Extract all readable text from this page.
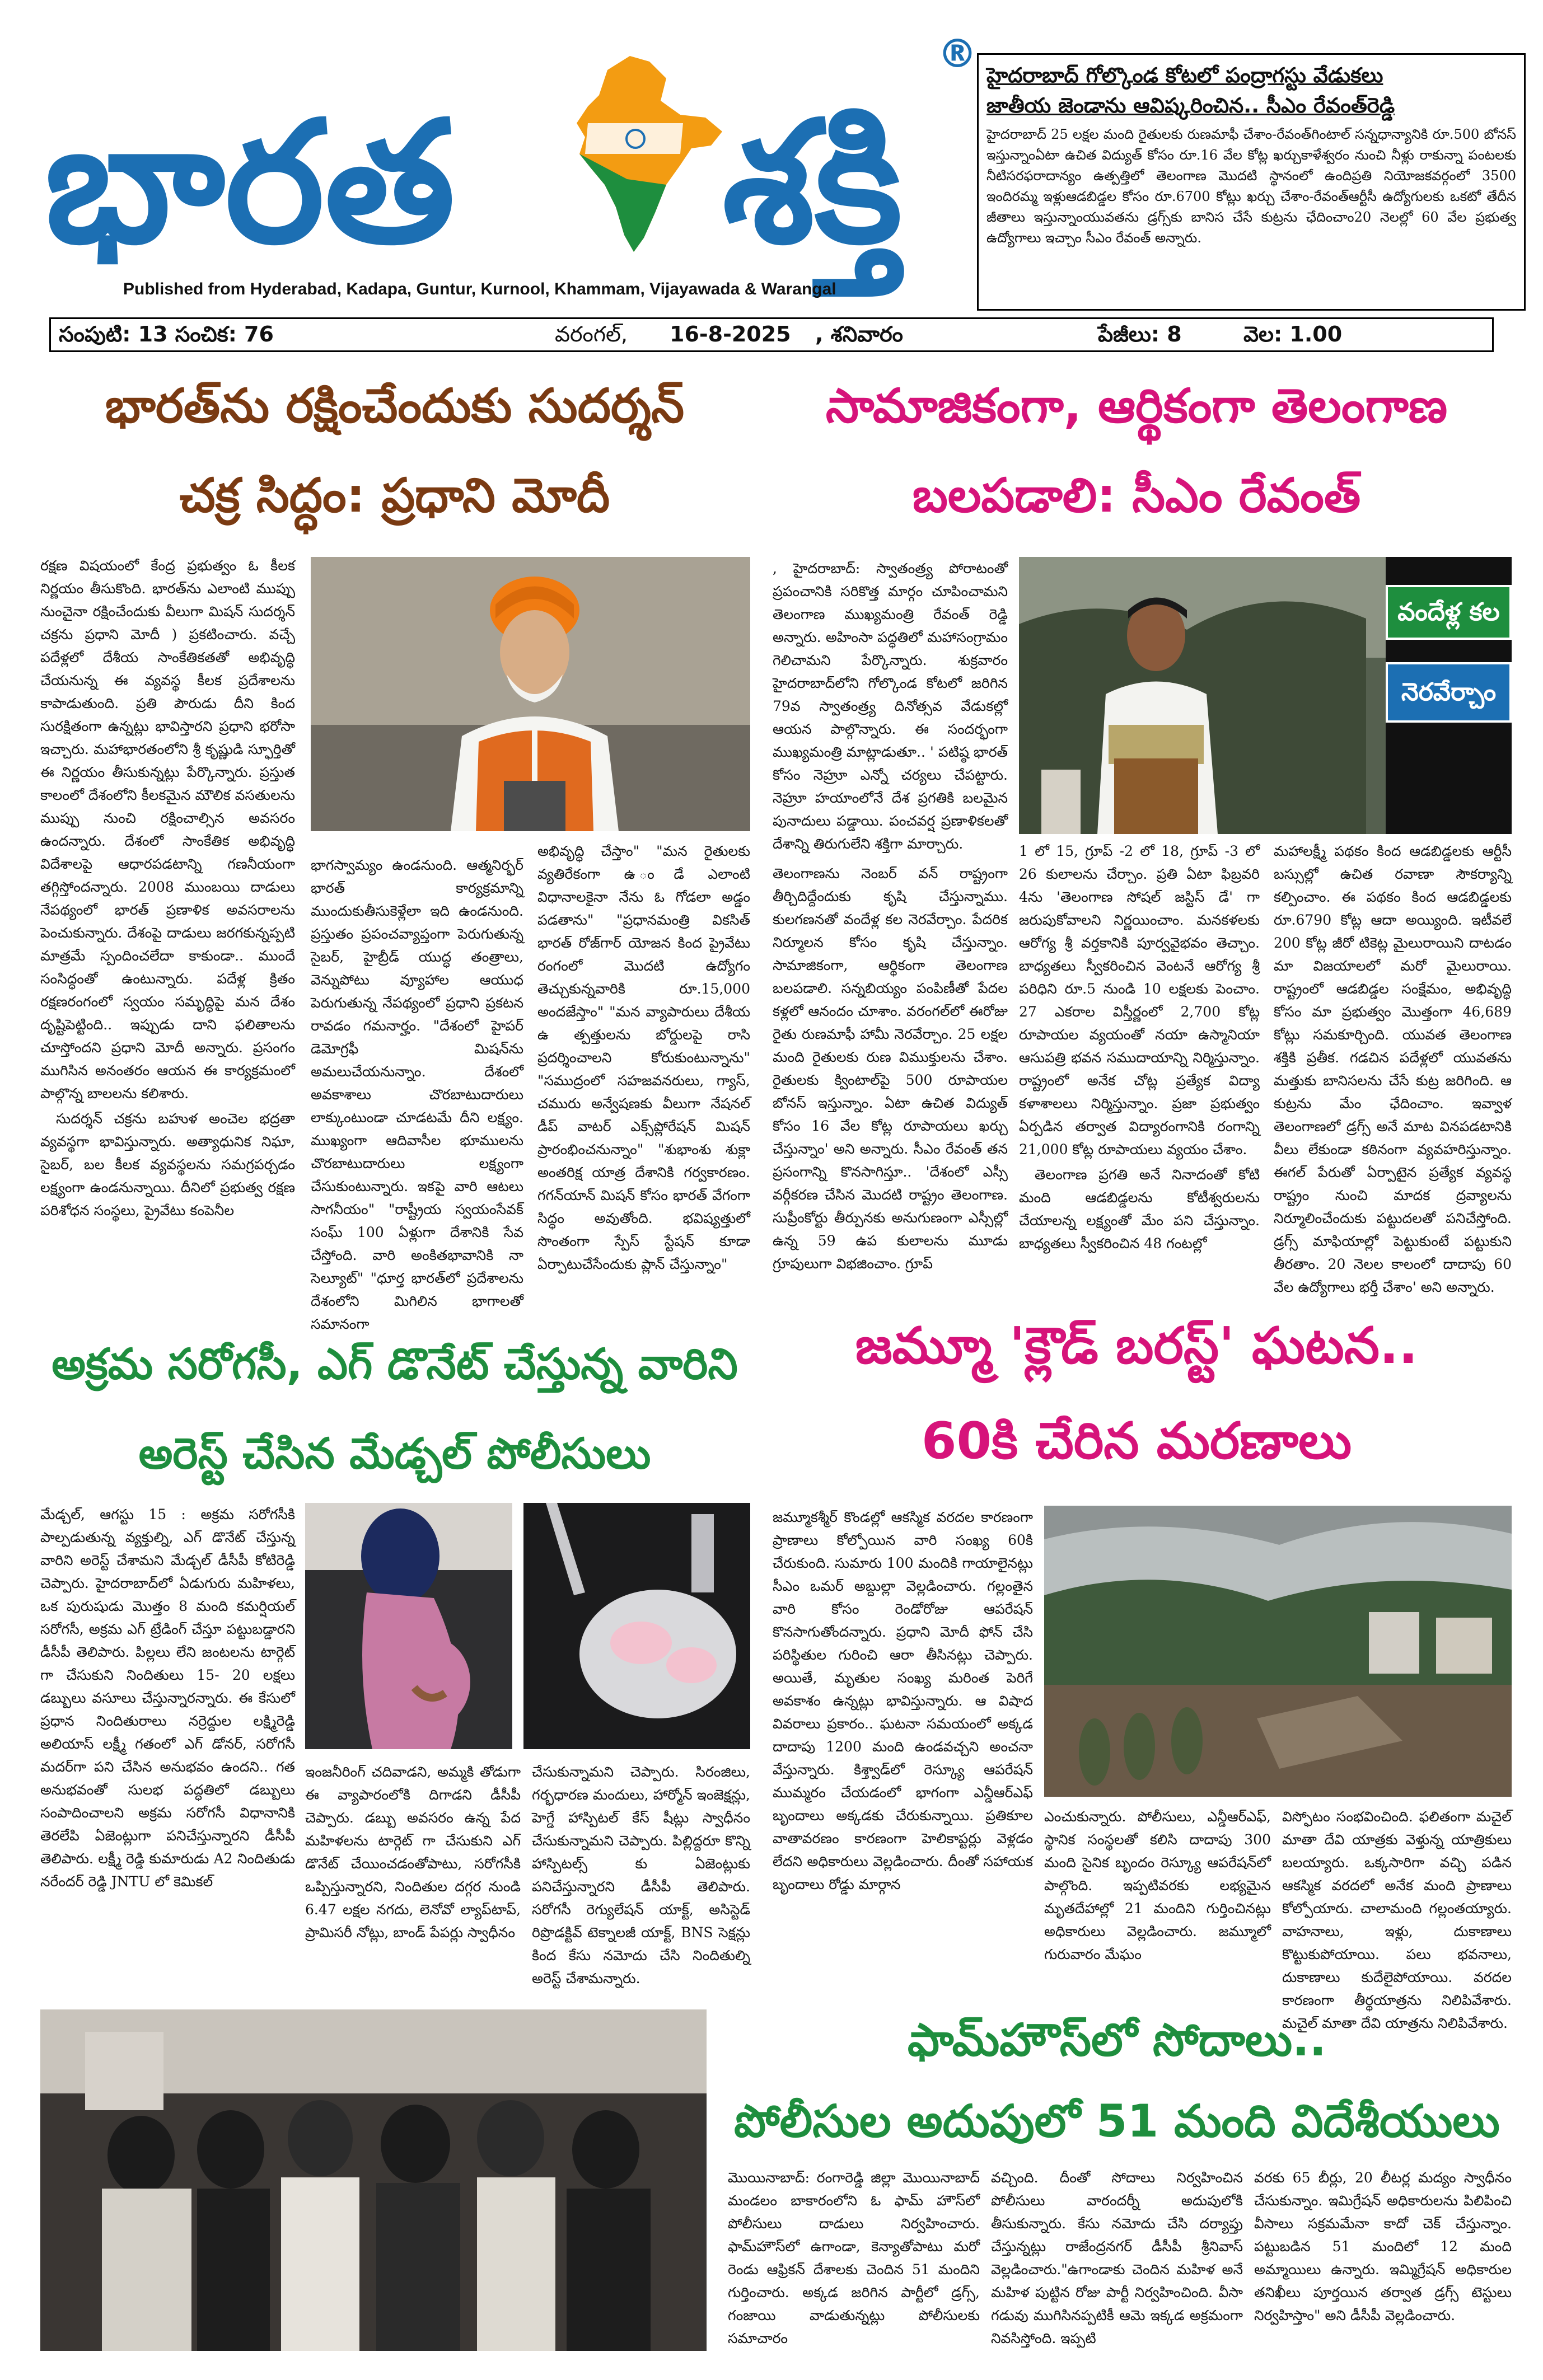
భారత శక్తి
®
Published from Hyderabad, Kadapa, Guntur, Kurnool, Khammam, Vijayawada & Warangal
హైదరాబాద్ గోల్కొండ కోటలో పంద్రాగస్టు వేడుకలు
జాతీయ జెండాను ఆవిష్కరించిన.. సీఎం రేవంత్‌రెడ్డి
హైదరాబాద్ 25 లక్షల మంది రైతులకు రుణమాఫీ చేశాం-రేవంత్‌గింటాల్ సన్నధాన్యానికి రూ.500 బోనస్ ఇస్తున్నాంఏటా ఉచిత విద్యుత్ కోసం రూ.16 వేల కోట్ల ఖర్చుకాళేశ్వరం నుంచి నీళ్లు రాకున్నా పంటలకు నీటిసరఫరాదాన్యం ఉత్పత్తిలో తెలంగాణ మొదటి స్థానంలో ఉందిప్రతి నియోజకవర్గంలో 3500 ఇందిరమ్మ ఇళ్లుఆడబిడ్డల కోసం రూ.6700 కోట్లు ఖర్చు చేశాం-రేవంత్ఆర్టీసీ ఉద్యోగులకు ఒకటో తేదీన జీతాలు ఇస్తున్నాంయువతను డ్రగ్స్‌కు బానిస చేసే కుట్రను ఛేదించాం20 నెలల్లో 60 వేల ప్రభుత్వ ఉద్యోగాలు ఇచ్చాం సీఎం రేవంత్ అన్నారు.
సంపుటి: 13 సంచిక: 76	వరంగల్, 16-8-2025 , శనివారం	పేజీలు: 8	వెల: 1.00
భారత్‌ను రక్షించేందుకు సుదర్శన్
చక్ర సిద్ధం: ప్రధాని మోదీ

రక్షణ విషయంలో కేంద్ర ప్రభుత్వం ఓ కీలక నిర్ణయం తీసుకొంది. భారత్‌ను ఎలాంటి ముప్పు నుంచైనా రక్షించేందుకు వీలుగా మిషన్ సుదర్శన్ చక్రను ప్రధాని మోదీ ) ప్రకటించారు. వచ్చే పదేళ్లలో దేశీయ సాంకేతికతతో అభివృద్ధి చేయనున్న ఈ వ్యవస్థ కీలక ప్రదేశాలను కాపాడుతుంది. ప్రతి పౌరుడు దీని కింద సురక్షితంగా ఉన్నట్లు భావిస్తారని ప్రధాని భరోసా ఇచ్చారు. మహాభారతంలోని శ్రీ కృష్ణుడి స్ఫూర్తితో ఈ నిర్ణయం తీసుకున్నట్లు పేర్కొన్నారు. ప్రస్తుత కాలంలో దేశంలోని కీలకమైన మౌలిక వసతులను ముప్పు నుంచి రక్షించాల్సిన అవసరం ఉందన్నారు. దేశంలో సాంకేతిక అభివృద్ధి విదేశాలపై ఆధారపడటాన్ని గణనీయంగా తగ్గిస్తోందన్నారు. 2008 ముంబయి దాడులు నేపథ్యంలో భారత్ ప్రణాళిక అవసరాలను పెంచుకున్నారు. దేశంపై దాడులు జరగకున్నప్పటి మాత్రమే స్పందించలేదా కాకుండా.. ముందే సంసిద్ధంతో ఉంటున్నారు. పదేళ్ల క్రితం రక్షణరంగంలో స్వయం సమృద్ధిపై మన దేశం దృష్టిపెట్టింది.. ఇప్పుడు దాని ఫలితాలను చూస్తోందని ప్రధాని మోదీ అన్నారు. ప్రసంగం ముగిసిన అనంతరం ఆయన ఈ కార్యక్రమంలో పాల్గొన్న బాలలను కలిశారు.

సుదర్శన్ చక్రను బహుళ అంచెల భద్రతా వ్యవస్థగా భావిస్తున్నారు. అత్యాధునిక నిఘా, సైబర్, బల కీలక వ్యవస్థలను సమగ్రపర్చడం లక్ష్యంగా ఉండనున్నాయి. దీనిలో ప్రభుత్వ రక్షణ పరిశోధన సంస్థలు, ప్రైవేటు కంపెనీల

భాగస్వామ్యం ఉండనుంది. ఆత్మనిర్భర్ భారత్ కార్యక్రమాన్ని ముందుకుతీసుకెళ్లేలా ఇది ఉండనుంది. ప్రస్తుతం ప్రపంచవ్యాప్తంగా పెరుగుతున్న సైబర్, హైబ్రీడ్ యుద్ధ తంత్రాలు, వెన్నుపోటు వ్యూహాల ఆయుధ పెరుగుతున్న నేపథ్యంలో ప్రధాని ప్రకటన రావడం గమనార్హం. "దేశంలో హైపర్ డెమోగ్రఫీ మిషన్‌ను అమలుచేయనున్నాం. దేశంలో అవకాశాలు చొరబాటుదారులు లాక్కుంటుండా చూడటమే దీని లక్ష్యం. ముఖ్యంగా ఆదివాసీల భూములను చొరబాటుదారులు లక్ష్యంగా చేసుకుంటున్నారు. ఇకపై వారి ఆటలు సాగనీయం" "రాష్ట్రీయ స్వయంసేవక్ సంఘ్ 100 ఏళ్లుగా దేశానికి సేవ చేస్తోంది. వారి అంకితభావానికి నా సెల్యూట్" "ధూర్త భారత్‌లో ప్రదేశాలను దేశంలోని మిగిలిన భాగాలతో సమానంగా

అభివృద్ధి చేస్తాం" "మన రైతులకు వ్యతిరేకంగా ఉ ండే ఎలాంటి విధానాలకైనా నేను ఓ గోడలా అడ్డం పడతాను" "ప్రధానమంత్రి వికసిత్ భారత్ రోజ్‌గార్ యోజన కింద ప్రైవేటు రంగంలో మొదటి ఉద్యోగం తెచ్చుకున్నవారికి రూ.15,000 అందజేస్తాం" "మన వ్యాపారులు దేశీయ ఉ త్పత్తులను బోర్డులపై రాసి ప్రదర్శించాలని కోరుకుంటున్నాను" "సముద్రంలో సహజవనరులు, గ్యాస్, చమురు అన్వేషణకు వీలుగా నేషనల్ డీప్ వాటర్ ఎక్స్‌ప్లోరేషన్ మిషన్ ప్రారంభించనున్నాం" "శుభాంశు శుక్లా అంతరిక్ష యాత్ర దేశానికి గర్వకారణం. గగన్‌యాన్ మిషన్ కోసం భారత్ వేగంగా సిద్ధం అవుతోంది. భవిష్యత్తులో సొంతంగా స్పేస్ స్టేషన్ కూడా ఏర్పాటుచేసేందుకు ప్లాన్ చేస్తున్నాం"

సామాజికంగా, ఆర్థికంగా తెలంగాణ
బలపడాలి: సీఎం రేవంత్

, హైదరాబాద్: స్వాతంత్ర్య పోరాటంతో ప్రపంచానికి సరికొత్త మార్గం చూపించామని తెలంగాణ ముఖ్యమంత్రి రేవంత్ రెడ్డి అన్నారు. అహింసా పద్ధతిలో మహాసంగ్రామం గెలిచామని పేర్కొన్నారు. శుక్రవారం హైదరాబాద్‌లోని గోల్కొండ కోటలో జరిగిన 79వ స్వాతంత్ర్య దినోత్సవ వేడుకల్లో ఆయన పాల్గొన్నారు. ఈ సందర్భంగా ముఖ్యమంత్రి మాట్లాడుతూ.. ' పటిష్ఠ భారత్ కోసం నెహ్రూ ఎన్నో చర్యలు చేపట్టారు. నెహ్రూ హయాంలోనే దేశ ప్రగతికి బలమైన పునాదులు పడ్డాయి. పంచవర్ష ప్రణాళికలతో దేశాన్ని తిరుగులేని శక్తిగా మార్చారు.

వందేళ్ల కల
నెరవేర్చాం

1 లో 15, గ్రూప్ -2 లో 18, గ్రూప్ -3 లో 26 కులాలను చేర్చాం. ప్రతి ఏటా ఫిబ్రవరి 4ను 'తెలంగాణ సోషల్ జస్టిస్ డే' గా జరుపుకోవాలని నిర్ణయించాం. మనకళలకు ఆరోగ్య శ్రీ వర్తకానికి పూర్వవైభవం తెచ్చాం. బాధ్యతలు స్వీకరించిన వెంటనే ఆరోగ్య శ్రీ పరిధిని రూ.5 నుండి 10 లక్షలకు పెంచాం. 27 ఎకరాల విస్తీర్ణంలో 2,700 కోట్ల రూపాయల వ్యయంతో నయా ఉస్మానియా ఆసుపత్రి భవన సముదాయాన్ని నిర్మిస్తున్నాం. రాష్ట్రంలో అనేక చోట్ల ప్రత్యేక విద్యా కళాశాలలు నిర్మిస్తున్నాం. ప్రజా ప్రభుత్వం ఏర్పడిన తర్వాత విద్యారంగానికి రంగాన్ని 21,000 కోట్ల రూపాయలు వ్యయం చేశాం.

తెలంగాణ ప్రగతి అనే నినాదంతో కోటి మంది ఆడబిడ్డలను కోటీశ్వరులను చేయాలన్న లక్ష్యంతో మేం పని చేస్తున్నాం. బాధ్యతలు స్వీకరించిన 48 గంటల్లో

తెలంగాణను నెంబర్ వన్ రాష్ట్రంగా తీర్చిదిద్దేందుకు కృషి చేస్తున్నాము. కులగణనతో వందేళ్ల కల నెరవేర్చాం. పేదరిక నిర్మూలన కోసం కృషి చేస్తున్నాం. సామాజికంగా, ఆర్థికంగా తెలంగాణ బలపడాలి. సన్నబియ్యం పంపిణీతో పేదల కళ్లలో ఆనందం చూశాం. వరంగల్‌లో ఈరోజు రైతు రుణమాఫీ హామీ నెరవేర్చాం. 25 లక్షల మంది రైతులకు రుణ విముక్తులను చేశాం. రైతులకు క్వింటాల్‌పై 500 రూపాయల బోనస్ ఇస్తున్నాం. ఏటా ఉచిత విద్యుత్ కోసం 16 వేల కోట్ల రూపాయలు ఖర్చు చేస్తున్నాం' అని అన్నారు. సీఎం రేవంత్ తన ప్రసంగాన్ని కొనసాగిస్తూ.. 'దేశంలో ఎస్సీ వర్గీకరణ చేసిన మొదటి రాష్ట్రం తెలంగాణ. సుప్రీంకోర్టు తీర్పునకు అనుగుణంగా ఎస్సీల్లో ఉన్న 59 ఉప కులాలను మూడు గ్రూపులుగా విభజించాం. గ్రూప్

మహాలక్ష్మీ పథకం కింద ఆడబిడ్డలకు ఆర్టీసీ బస్సుల్లో ఉచిత రవాణా సౌకర్యాన్ని కల్పించాం. ఈ పథకం కింద ఆడబిడ్డలకు రూ.6790 కోట్ల ఆదా అయ్యింది. ఇటీవలే 200 కోట్ల జీరో టికెట్ల మైలురాయిని దాటడం మా విజయాలలో మరో మైలురాయి. రాష్ట్రంలో ఆడబిడ్డల సంక్షేమం, అభివృద్ధి కోసం మా ప్రభుత్వం మొత్తంగా 46,689 కోట్లు సమకూర్చింది. యువత తెలంగాణ శక్తికి ప్రతీక. గడచిన పదేళ్లలో యువతను మత్తుకు బానిసలను చేసే కుట్ర జరిగింది. ఆ కుట్రను మేం ఛేదించాం. ఇవ్వాళ తెలంగాణలో డ్రగ్స్ అనే మాట వినపడటానికి వీలు లేకుండా కఠినంగా వ్యవహరిస్తున్నాం. ఈగల్ పేరుతో ఏర్పాటైన ప్రత్యేక వ్యవస్థ రాష్ట్రం నుంచి మాదక ద్రవ్యాలను నిర్మూలించేందుకు పట్టుదలతో పనిచేస్తోంది. డ్రగ్స్ మాఫియాల్లో పెట్టుకుంటే పట్టుకుని తీరతాం. 20 నెలల కాలంలో దాదాపు 60 వేల ఉద్యోగాలు భర్తీ చేశాం' అని అన్నారు.

అక్రమ సరోగసీ, ఎగ్ డొనేట్ చేస్తున్న వారిని
అరెస్ట్ చేసిన మేడ్చల్ పోలీసులు

మేడ్చల్, ఆగస్టు 15 : అక్రమ సరోగసీకి పాల్పడుతున్న వ్యక్తుల్ని, ఎగ్ డొనేట్ చేస్తున్న వారిని అరెస్ట్ చేశామని మేడ్చల్ డీసీపీ కోటిరెడ్డి చెప్పారు. హైదరాబాద్‌లో ఏడుగురు మహిళలు, ఒక పురుషుడు మొత్తం 8 మంది కమర్షియల్ సరోగసీ, అక్రమ ఎగ్ ట్రేడింగ్ చేస్తూ పట్టుబడ్డారని డీసీపీ తెలిపారు. పిల్లలు లేని జంటలను టార్గెట్ గా చేసుకుని నిందితులు 15- 20 లక్షలు డబ్బులు వసూలు చేస్తున్నారన్నారు. ఈ కేసులో ప్రధాన నిందితురాలు నర్రెద్దుల లక్ష్మిరెడ్డి అలియాస్ లక్ష్మీ గతంలో ఎగ్ డోనర్, సరోగసీ మదర్‌గా పని చేసిన అనుభవం ఉందని.. గత అనుభవంతో సులభ పద్ధతిలో డబ్బులు సంపాదించాలని అక్రమ సరోగసీ విధానానికి తెరలేపి ఏజెంట్లుగా పనిచేస్తున్నారని డీసీపీ తెలిపారు. లక్ష్మీ రెడ్డి కుమారుడు A2 నిందితుడు నరేందర్ రెడ్డి JNTU లో కెమికల్

ఇంజనీరింగ్ చదివాడని, అమ్మకి తోడుగా ఈ వ్యాపారంలోకి దిగాడని డీసీపీ చెప్పారు. డబ్బు అవసరం ఉన్న పేద మహిళలను టార్గెట్ గా చేసుకుని ఎగ్ డొనేట్ చేయించడంతోపాటు, సరోగసీకి ఒప్పిస్తున్నారని, నిందితుల దగ్గర నుండి 6.47 లక్షల నగదు, లెనోవో ల్యాప్‌టాప్, ప్రామిసరీ నోట్లు, బాండ్ పేపర్లు స్వాధీనం

చేసుకున్నామని చెప్పారు. సిరంజిలు, గర్భధారణ మందులు, హార్మోన్ ఇంజెక్షన్లు, హెగ్డే హాస్పిటల్ కేస్ షీట్లు స్వాధీనం చేసుకున్నామని చెప్పారు. పిల్లిద్దరూ కొన్ని హాస్పిటల్స్ కు ఏజెంట్లుకు పనిచేస్తున్నారని డీసీపీ తెలిపారు. సరోగసీ రెగ్యులేషన్ యాక్ట్, అసిస్టెడ్ రిప్రొడక్టివ్ టెక్నాలజీ యాక్ట్, BNS సెక్షన్లు కింద కేసు నమోదు చేసి నిందితుల్ని అరెస్ట్ చేశామన్నారు.

జమ్మూ 'క్లౌడ్ బరస్ట్' ఘటన..
60కి చేరిన మరణాలు

జమ్మూకశ్మీర్ కొండల్లో ఆకస్మిక వరదల కారణంగా ప్రాణాలు కోల్పోయిన వారి సంఖ్య 60కి చేరుకుంది. సుమారు 100 మందికి గాయాలైనట్లు సీఎం ఒమర్ అబ్దుల్లా వెల్లడించారు. గల్లంతైన వారి కోసం రెండోరోజు ఆపరేషన్ కొనసాగుతోందన్నారు. ప్రధాని మోదీ ఫోన్ చేసి పరిస్థితుల గురించి ఆరా తీసినట్లు చెప్పారు. అయితే, మృతుల సంఖ్య మరింత పెరిగే అవకాశం ఉన్నట్లు భావిస్తున్నారు. ఆ విషాద వివరాలు ప్రకారం.. ఘటనా సమయంలో అక్కడ దాదాపు 1200 మంది ఉండవచ్చని అంచనా వేస్తున్నారు. కిశ్త్వాడ్‌లో రెస్క్యూ ఆపరేషన్ ముమ్మరం చేయడంలో భాగంగా ఎన్డీఆర్ఎఫ్ బృందాలు అక్కడకు చేరుకున్నాయి. ప్రతికూల వాతావరణం కారణంగా హెలికాప్టర్లు వెళ్లడం లేదని అధికారులు వెల్లడించారు. దీంతో సహాయక బృందాలు రోడ్డు మార్గాన

ఎంచుకున్నారు. పోలీసులు, ఎన్డీఆర్ఎఫ్, స్థానిక సంస్థలతో కలిసి దాదాపు 300 మంది సైనిక బృందం రెస్క్యూ ఆపరేషన్‌లో పాల్గొంది. ఇప్పటివరకు లభ్యమైన మృతదేహాల్లో 21 మందిని గుర్తించినట్లు అధికారులు వెల్లడించారు. జమ్మూలో గురువారం మేఘం

విస్ఫోటం సంభవించింది. ఫలితంగా మచైల్ మాతా దేవి యాత్రకు వెళ్తున్న యాత్రికులు బలయ్యారు. ఒక్కసారిగా వచ్చి పడిన ఆకస్మిక వరదలో అనేక మంది ప్రాణాలు కోల్పోయారు. చాలామంది గల్లంతయ్యారు. వాహనాలు, ఇళ్లు, దుకాణాలు కొట్టుకుపోయాయి. పలు భవనాలు, దుకాణాలు కుదేలైపోయాయి. వరదల కారణంగా తీర్థయాత్రను నిలిపివేశారు. మచైల్ మాతా దేవి యాత్రను నిలిపివేశారు.

ఫామ్‌హౌస్‌లో సోదాలు..
పోలీసుల అదుపులో 51 మంది విదేశీయులు

మొయినాబాద్: రంగారెడ్డి జిల్లా మొయినాబాద్ మండలం బాకారంలోని ఓ ఫామ్ హౌస్‌లో పోలీసులు దాడులు నిర్వహించారు. ఫామ్‌హౌస్‌లో ఉగాండా, కెన్యాతోపాటు మరో రెండు ఆఫ్రికన్ దేశాలకు చెందిన 51 మందిని గుర్తించారు. అక్కడ జరిగిన పార్టీలో డ్రగ్స్, గంజాయి వాడుతున్నట్లు పోలీసులకు సమాచారం

వచ్చింది. దీంతో సోదాలు నిర్వహించిన పోలీసులు వారందర్నీ అదుపులోకి తీసుకున్నారు. కేసు నమోదు చేసి దర్యాప్తు చేస్తున్నట్లు రాజేంద్రనగర్ డీసీపీ శ్రీనివాస్ వెల్లడించారు."ఉగాండాకు చెందిన మహిళ అనే మహిళ పుట్టిన రోజు పార్టీ నిర్వహించింది. వీసా గడువు ముగిసినప్పటికీ ఆమె ఇక్కడ అక్రమంగా నివసిస్తోంది. ఇప్పటి

వరకు 65 బీర్లు, 20 లీటర్ల మద్యం స్వాధీనం చేసుకున్నాం. ఇమిగ్రేషన్ అధికారులను పిలిపించి వీసాలు సక్రమమేనా కాదో చెక్ చేస్తున్నాం. పట్టుబడిన 51 మందిలో 12 మంది అమ్మాయిలు ఉన్నారు. ఇమ్మిగ్రేషన్ అధికారుల తనిఖీలు పూర్తయిన తర్వాత డ్రగ్స్ టెస్టులు నిర్వహిస్తాం" అని డీసీపీ వెల్లడించారు.
